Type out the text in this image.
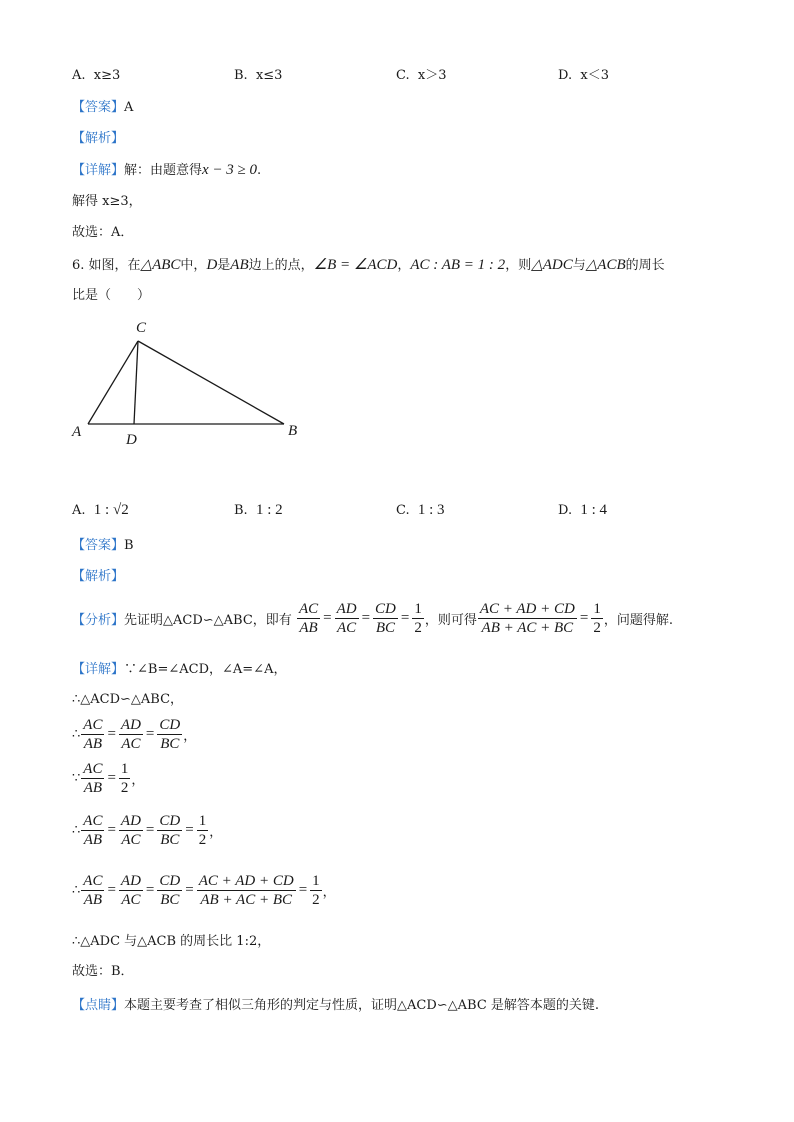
A. x≥3	B. x≤3	C. x＞3	D. x＜3
【答案】A
【解析】
【详解】解：由题意得x − 3 ≥ 0.
解得 x≥3，
故选：A．
6. 如图，在△ABC中，D是AB边上的点，∠B = ∠ACD，AC : AB = 1 : 2，则△ADC与△ACB的周长
比是（　　）
C
A	D
B
A. 1 : √2	B. 1 : 2	C. 1 : 3	D. 1 : 4
【答案】B
【解析】
【分析】先证明△ACD∽△ABC，即有 $\frac{AC}{AB} = \frac{AD}{AC} = \frac{CD}{BC} = \frac{1}{2}$ ，则可得 $\frac{AC + AD + CD}{AB + AC + BC} = \frac{1}{2}$ ，问题得解.
【详解】∵∠B=∠ACD，∠A=∠A，
∴△ACD∽△ABC，
∴ $\frac{AC}{AB} = \frac{AD}{AC} = \frac{CD}{BC}$ ，
∵ $\frac{AC}{AB} = \frac{1}{2}$ ，
∴ $\frac{AC}{AB} = \frac{AD}{AC} = \frac{CD}{BC} = \frac{1}{2}$ ，
∴ $\frac{AC}{AB} = \frac{AD}{AC} = \frac{CD}{BC} = \frac{AC + AD + CD}{AB + AC + BC} = \frac{1}{2}$ ，
∴△ADC 与△ACB 的周长比 1:2，
故选：B．
【点睛】本题主要考查了相似三角形的判定与性质，证明△ACD∽△ABC 是解答本题的关键.
